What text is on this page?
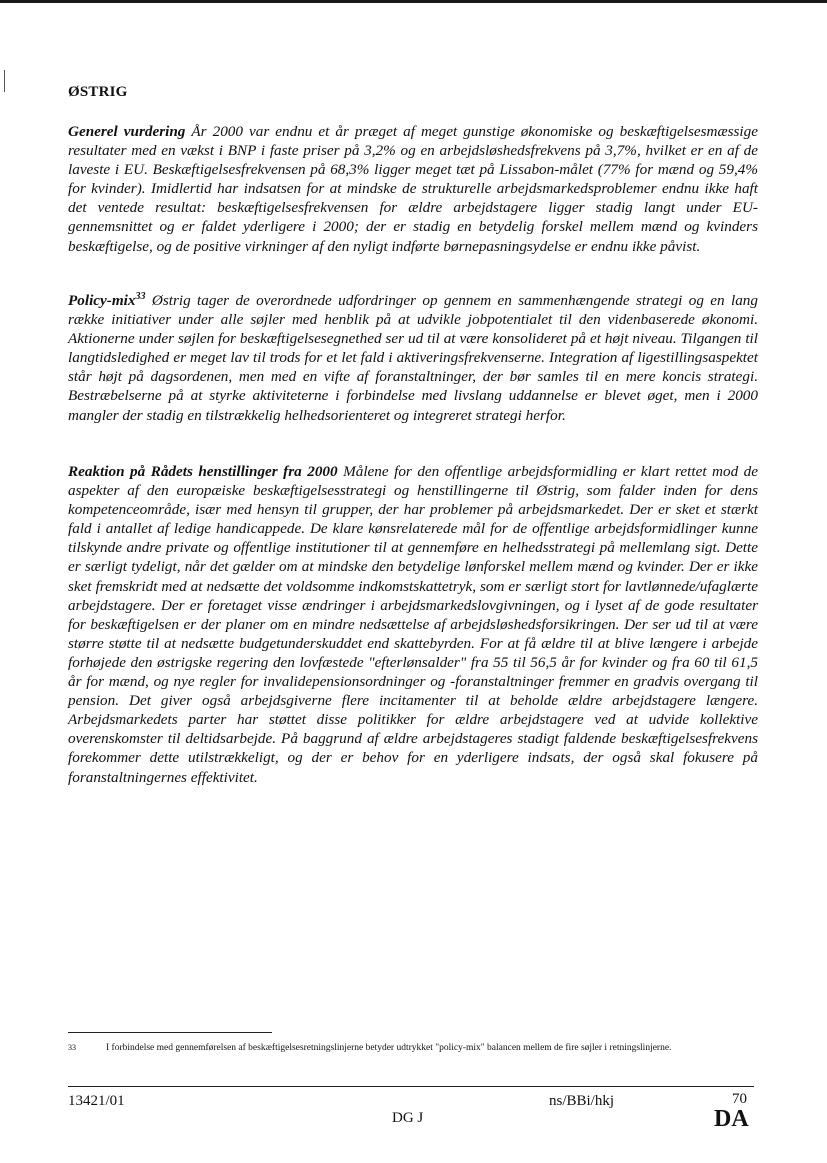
ØSTRIG

Generel vurdering År 2000 var endnu et år præget af meget gunstige økonomiske og beskæftigelsesmæssige resultater med en vækst i BNP i faste priser på 3,2% og en arbejdsløshedsfrekvens på 3,7%, hvilket er en af de laveste i EU. Beskæftigelsesfrekvensen på 68,3% ligger meget tæt på Lissabon-målet (77% for mænd og 59,4% for kvinder). Imidlertid har indsatsen for at mindske de strukturelle arbejdsmarkedsproblemer endnu ikke haft det ventede resultat: beskæftigelsesfrekvensen for ældre arbejdstagere ligger stadig langt under EU-gennemsnittet og er faldet yderligere i 2000; der er stadig en betydelig forskel mellem mænd og kvinders beskæftigelse, og de positive virkninger af den nyligt indførte børnepasningsydelse er endnu ikke påvist.

Policy-mix$^{33}$ Østrig tager de overordnede udfordringer op gennem en sammenhængende strategi og en lang række initiativer under alle søjler med henblik på at udvikle jobpotentialet til den videnbaserede økonomi. Aktionerne under søjlen for beskæftigelsesegnethed ser ud til at være konsolideret på et højt niveau. Tilgangen til langtidsledighed er meget lav til trods for et let fald i aktiveringsfrekvenserne. Integration af ligestillingsaspektet står højt på dagsordenen, men med en vifte af foranstaltninger, der bør samles til en mere koncis strategi. Bestræbelserne på at styrke aktiviteterne i forbindelse med livslang uddannelse er blevet øget, men i 2000 mangler der stadig en tilstrækkelig helhedsorienteret og integreret strategi herfor.

Reaktion på Rådets henstillinger fra 2000 Målene for den offentlige arbejdsformidling er klart rettet mod de aspekter af den europæiske beskæftigelsesstrategi og henstillingerne til Østrig, som falder inden for dens kompetenceområde, især med hensyn til grupper, der har problemer på arbejdsmarkedet. Der er sket et stærkt fald i antallet af ledige handicappede. De klare kønsrelaterede mål for de offentlige arbejdsformidlinger kunne tilskynde andre private og offentlige institutioner til at gennemføre en helhedsstrategi på mellemlang sigt. Dette er særligt tydeligt, når det gælder om at mindske den betydelige lønforskel mellem mænd og kvinder. Der er ikke sket fremskridt med at nedsætte det voldsomme indkomstskattetryk, som er særligt stort for lavtlønnede/ufaglærte arbejdstagere. Der er foretaget visse ændringer i arbejdsmarkedslovgivningen, og i lyset af de gode resultater for beskæftigelsen er der planer om en mindre nedsættelse af arbejdsløshedsforsikringen. Der ser ud til at være større støtte til at nedsætte budgetunderskuddet end skattebyrden. For at få ældre til at blive længere i arbejde forhøjede den østrigske regering den lovfæstede "efterlønsalder" fra 55 til 56,5 år for kvinder og fra 60 til 61,5 år for mænd, og nye regler for invalidepensionsordninger og -foranstaltninger fremmer en gradvis overgang til pension. Det giver også arbejdsgiverne flere incitamenter til at beholde ældre arbejdstagere længere. Arbejdsmarkedets parter har støttet disse politikker for ældre arbejdstagere ved at udvide kollektive overenskomster til deltidsarbejde. På baggrund af ældre arbejdstageres stadigt faldende beskæftigelsesfrekvens forekommer dette utilstrækkeligt, og der er behov for en yderligere indsats, der også skal fokusere på foranstaltningernes effektivitet.

33	I forbindelse med gennemførelsen af beskæftigelsesretningslinjerne betyder udtrykket "policy-mix" balancen mellem de fire søjler i retningslinjerne.

13421/01	ns/BBi/hkj	70
DG J	DA
